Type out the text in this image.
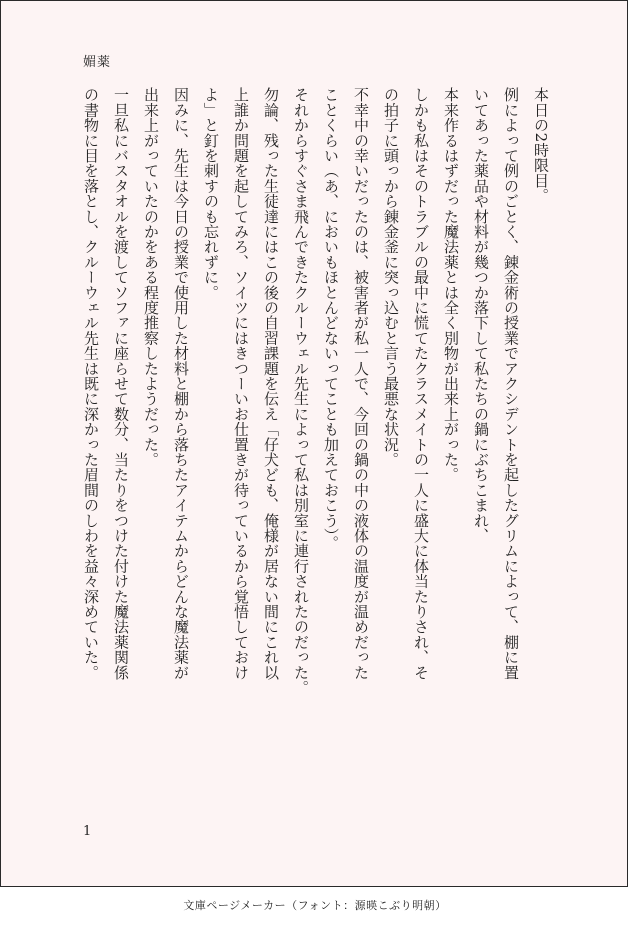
媚薬

本日の2時限目。

例によって例のごとく、錬金術の授業でアクシデントを起したグリムによって、棚に置

いてあった薬品や材料が幾つか落下して私たちの鍋にぶちこまれ、

本来作るはずだった魔法薬とは全く別物が出来上がった。

しかも私はそのトラブルの最中に慌てたクラスメイトの一人に盛大に体当たりされ、そ

の拍子に頭っから錬金釜に突っ込むと言う最悪な状況。

不幸中の幸いだったのは、被害者が私一人で、今回の鍋の中の液体の温度が温めだった

ことくらい（あ、においもほとんどないってことも加えておこう）。

それからすぐさま飛んできたクルーウェル先生によって私は別室に連行されたのだった。

勿論、残った生徒達にはこの後の自習課題を伝え「仔犬ども、俺様が居ない間にこれ以

上誰か問題を起してみろ、ソイツにはきつーいお仕置きが待っているから覚悟しておけ

よ」と釘を刺すのも忘れずに。

因みに、先生は今日の授業で使用した材料と棚から落ちたアイテムからどんな魔法薬が

出来上がっていたのかをある程度推察したようだった。

一旦私にバスタオルを渡してソファに座らせて数分、当たりをつけた付けた魔法薬関係

の書物に目を落とし、クルーウェル先生は既に深かった眉間のしわを益々深めていた。

1
文庫ページメーカー（フォント：源暎こぶり明朝）
